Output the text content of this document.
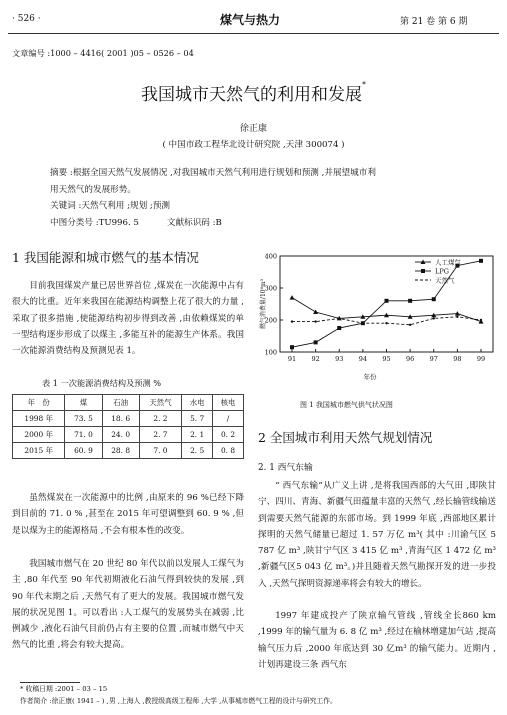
· 526 ·	煤气与热力	第 21 卷 第 6 期
文章编号 :1000 – 4416( 2001 )05 – 0526 – 04
我国城市天然气的利用和发展*
徐正康
( 中国市政工程华北设计研究院 ,天津 300074 )
摘要 :根据全国天然气发展情况 ,对我国城市天然气利用进行规划和预测 ,并展望城市利
用天然气的发展形势。
关键词 :天然气利用 ;规划 ;预测
中图分类号 :TU996. 5	文献标识码 :B
1 我国能源和城市燃气的基本情况

目前我国煤炭产量已居世界首位 ,煤炭在一次能源中占有很大的比重。近年来我国在能源结构调整上花了很大的力量 ,采取了很多措施 ,使能源结构初步得到改善 ,由依赖煤炭的单一型结构逐步形成了以煤主 ,多能互补的能源生产体系。我国一次能源消费结构及预测见表 1。

表 1 一次能源消费结构及预测 %
年　份	煤	石油	天然气	水电	核电
1998 年	73. 5	18. 6	2. 2	5. 7	/
2000 年	71. 0	24. 0	2. 7	2. 1	0. 2
2015 年	60. 9	28. 8	7. 0	2. 5	0. 8

虽然煤炭在一次能源中的比例 ,由原来的 96 %已经下降到目前的 71. 0 % ,甚至在 2015 年可望调整到 60. 9 % ,但是以煤为主的能源格局 ,不会有根本性的改变。

我国城市燃气在 20 世纪 80 年代以前以发展人工煤气为主 ,80 年代至 90 年代初期液化石油气得到较快的发展 ,到 90 年代末期之后 ,天然气有了更大的发展。我国城市燃气发展的状况见图 1。可以看出 :人工煤气的发展势头在减弱 ,比例减少 ,液化石油气目前仍占有主要的位置 ,而城市燃气中天然气的比重 ,将会有较大提高。

100
200
300
400
91 92 93 94 95 96 97 98 99
燃气消费量/10⁸m³
人工煤气
LPG
天然气
年份
图 1 我国城市燃气供气状况图
2 全国城市利用天然气规划情况
2. 1 西气东输

“ 西气东输”从广义上讲 ,是将我国西部的大气田 ,即陕甘宁、四川、青海、新疆气田蕴量丰富的天然气 ,经长输管线输送到需要天然气能源的东部市场。到 1999 年底 ,西部地区累计探明的天然气储量已超过 1. 57 万亿 m³( 其中 :川渝气区 5 787 亿 m³ ,陕甘宁气区 3 415 亿 m³ ,青海气区 1 472 亿 m³ ,新疆气区5 043 亿 m³。)并且随着天然气勘探开发的进一步投入 ,天然气探明资源递率将会有较大的增长。

1997 年建成投产了陕京输气管线 ,管线全长860 km ,1999 年的输气量为 6. 8 亿 m³ ,经过在榆林增建加气站 ,提高输气压力后 ,2000 年底达到 30 亿m³ 的输气能力。近期内 ,计划再建设三条 西气东

* 收稿日期 :2001 – 03 – 15
作者简介 :徐正康( 1941 – ) ,男 ,上海人 ,教授级高级工程师 ,大学 ,从事城市燃气工程的设计与研究工作。
